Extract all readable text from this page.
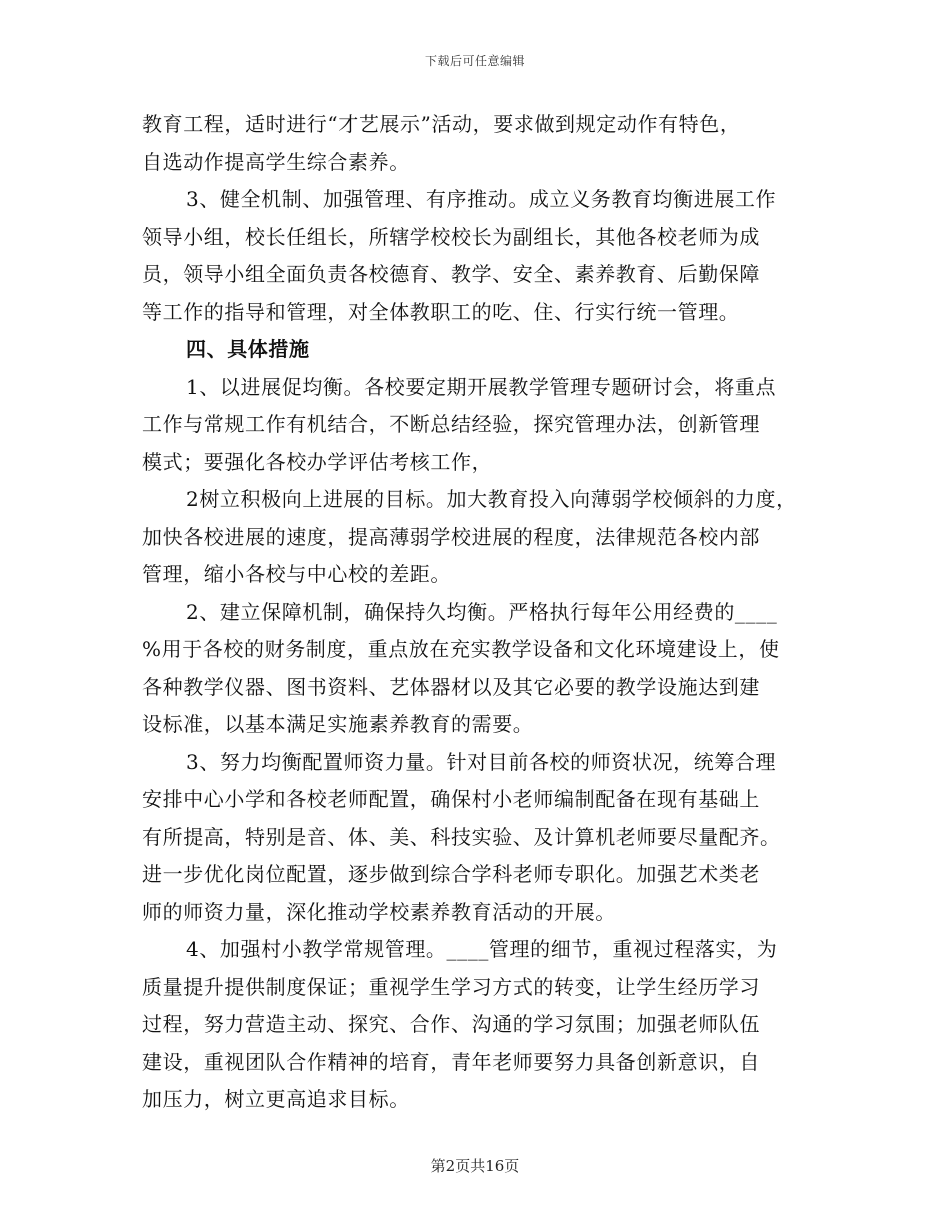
下载后可任意编辑
教育工程，适时进行“才艺展示”活动，要求做到规定动作有特色，
自选动作提高学生综合素养。
3、健全机制、加强管理、有序推动。成立义务教育均衡进展工作
领导小组，校长任组长，所辖学校校长为副组长，其他各校老师为成
员，领导小组全面负责各校德育、教学、安全、素养教育、后勤保障
等工作的指导和管理，对全体教职工的吃、住、行实行统一管理。
四、具体措施
1、以进展促均衡。各校要定期开展教学管理专题研讨会，将重点
工作与常规工作有机结合，不断总结经验，探究管理办法，创新管理
模式；要强化各校办学评估考核工作，
2树立积极向上进展的目标。加大教育投入向薄弱学校倾斜的力度，
加快各校进展的速度，提高薄弱学校进展的程度，法律规范各校内部
管理，缩小各校与中心校的差距。
2、建立保障机制，确保持久均衡。严格执行每年公用经费的____
%用于各校的财务制度，重点放在充实教学设备和文化环境建设上，使
各种教学仪器、图书资料、艺体器材以及其它必要的教学设施达到建
设标准，以基本满足实施素养教育的需要。
3、努力均衡配置师资力量。针对目前各校的师资状况，统筹合理
安排中心小学和各校老师配置，确保村小老师编制配备在现有基础上
有所提高，特别是音、体、美、科技实验、及计算机老师要尽量配齐。
进一步优化岗位配置，逐步做到综合学科老师专职化。加强艺术类老
师的师资力量，深化推动学校素养教育活动的开展。
4、加强村小教学常规管理。____管理的细节，重视过程落实，为
质量提升提供制度保证；重视学生学习方式的转变，让学生经历学习
过程，努力营造主动、探究、合作、沟通的学习氛围；加强老师队伍
建设，重视团队合作精神的培育，青年老师要努力具备创新意识，自
加压力，树立更高追求目标。
第2页共16页
